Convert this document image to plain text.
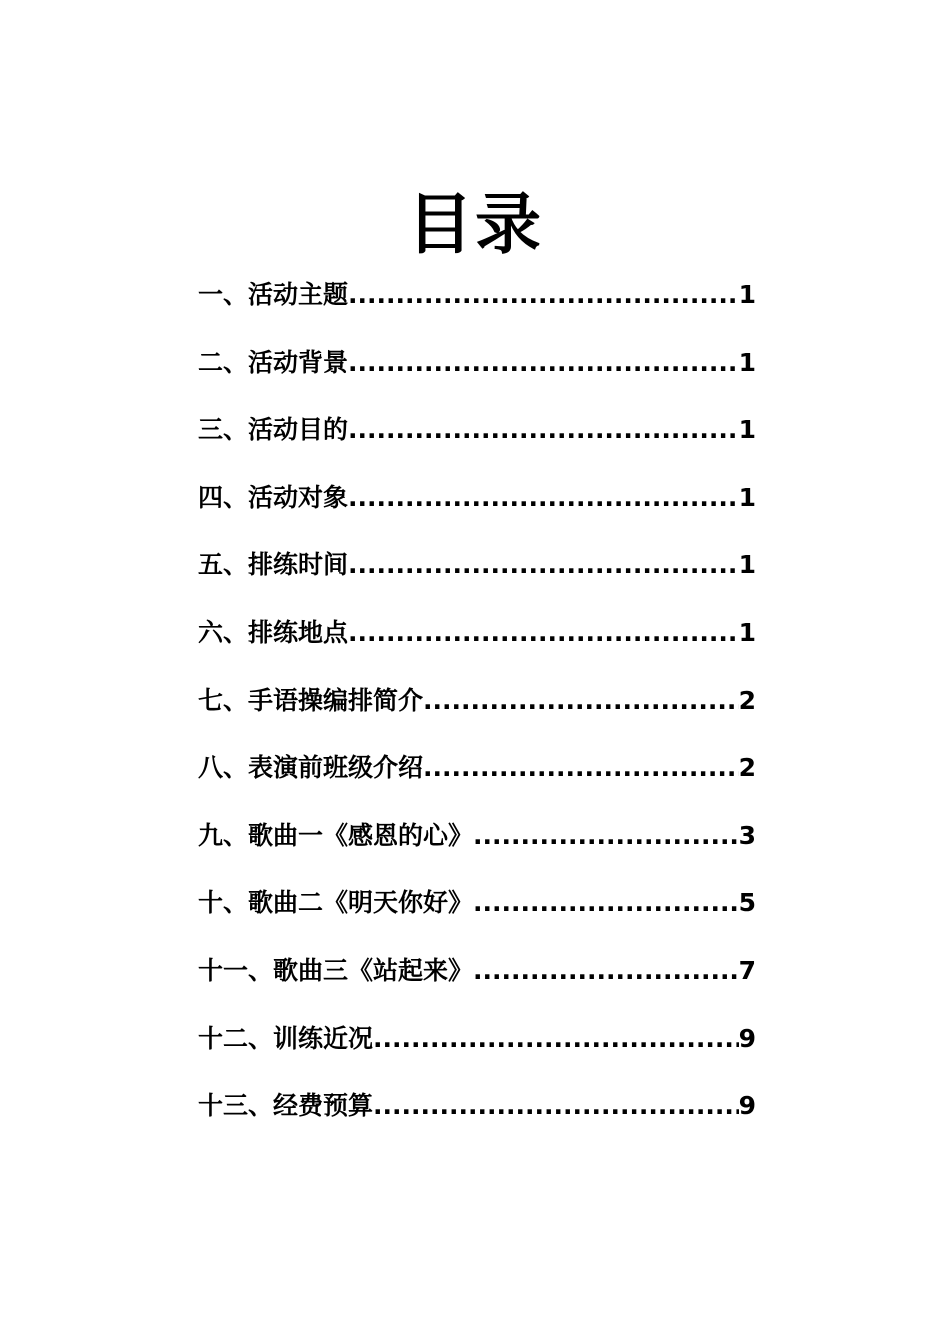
目录
一、活动主题 .....	1
二、活动背景 .....	1
三、活动目的 .....	1
四、活动对象 .....	1
五、排练时间 .....	1
六、排练地点 .....	1
七、手语操编排简介 .....	2
八、表演前班级介绍 .....	2
九、歌曲一《感恩的心》 .....	3
十、歌曲二《明天你好》 .....	5
十一、歌曲三《站起来》 .....	7
十二、训练近况 .....	9
十三、经费预算 .....	9
